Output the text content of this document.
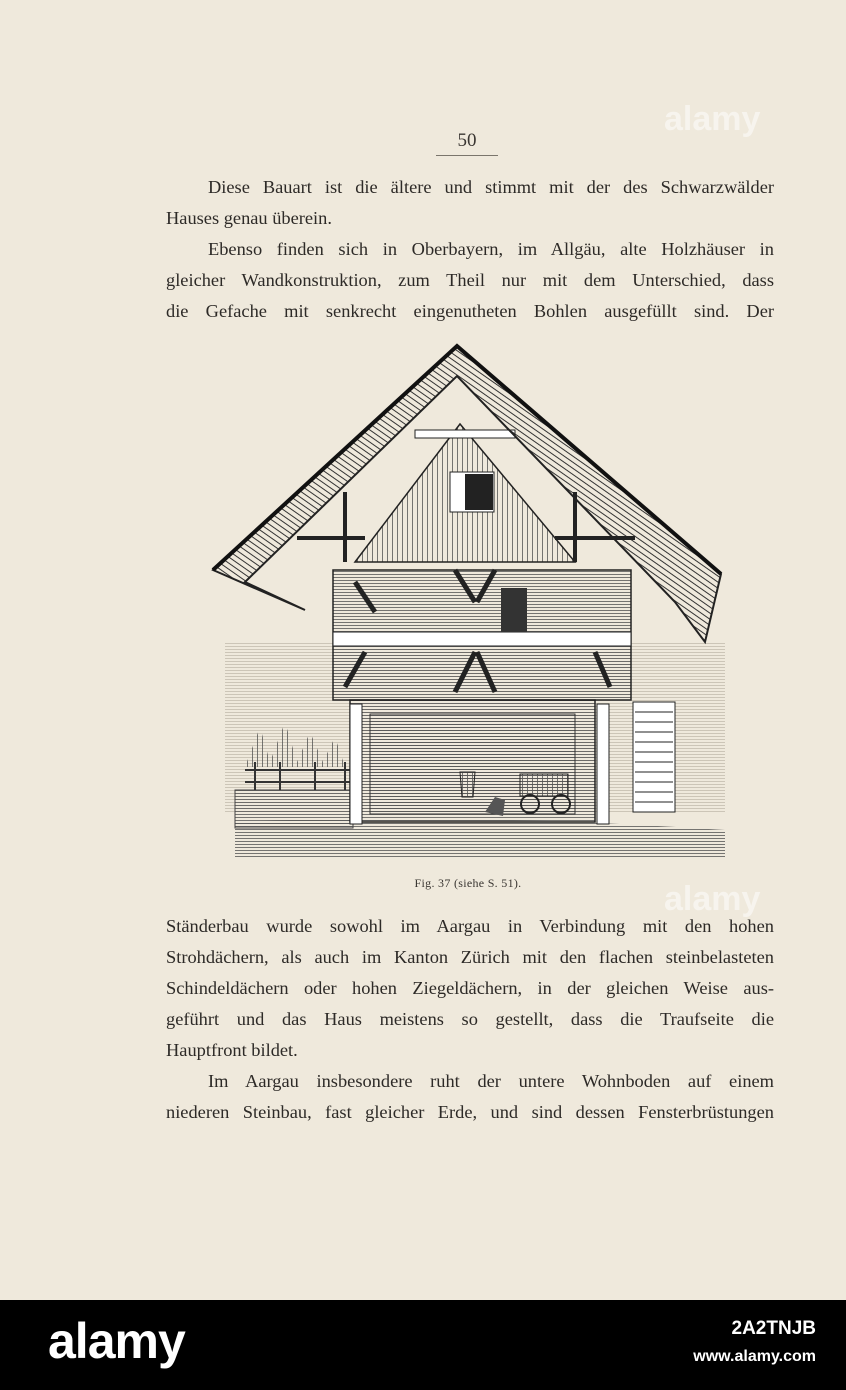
50

Diese Bauart ist die ältere und stimmt mit der des Schwarzwälder
Hauses genau überein.

Ebenso finden sich in Oberbayern, im Allgäu, alte Holzhäuser in
gleicher Wandkonstruktion, zum Theil nur mit dem Unterschied, dass
die Gefache mit senkrecht eingenutheten Bohlen ausgefüllt sind. Der

Fig. 37 (siehe S. 51).

Ständerbau wurde sowohl im Aargau in Verbindung mit den hohen
Strohdächern, als auch im Kanton Zürich mit den flachen steinbelasteten
Schindeldächern oder hohen Ziegeldächern, in der gleichen Weise aus-
geführt und das Haus meistens so gestellt, dass die Traufseite die
Hauptfront bildet.

Im Aargau insbesondere ruht der untere Wohnboden auf einem
niederen Steinbau, fast gleicher Erde, und sind dessen Fensterbrüstungen

alamy
alamy
alamy	2A2TNJB
www.alamy.com
